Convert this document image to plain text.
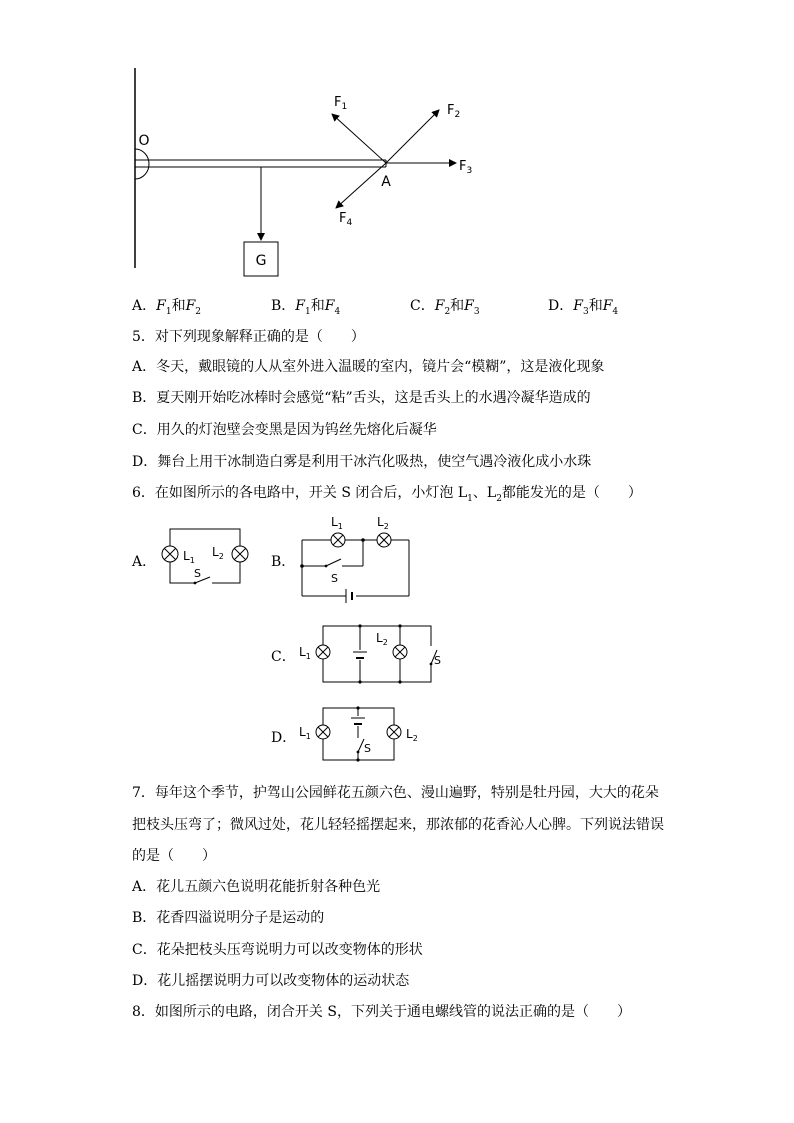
G
O
A
$F_1$	$F_2$
$F_3$
$F_4$
A．$F_1$和$F_2$	B．$F_1$和$F_4$	C．$F_2$和$F_3$	D．$F_3$和$F_4$
5．对下列现象解释正确的是（　　）
A．冬天，戴眼镜的人从室外进入温暖的室内，镜片会“模糊”，这是液化现象
B．夏天刚开始吃冰棒时会感觉“粘”舌头，这是舌头上的水遇冷凝华造成的
C．用久的灯泡壁会变黑是因为钨丝先熔化后凝华
D．舞台上用干冰制造白雾是利用干冰汽化吸热，使空气遇冷液化成小水珠
6．在如图所示的各电路中，开关 S 闭合后，小灯泡 $L_1$、$L_2$都能发光的是（　　）
A． $L_1$
$L_2$
S
B．
$L_1$	$L_2$
S
C． $L_1$
$L_2$
S
D． $L_1$	$L_2$
S
7．每年这个季节，护驾山公园鲜花五颜六色、漫山遍野，特别是牡丹园，大大的花朵
把枝头压弯了；微风过处，花儿轻轻摇摆起来，那浓郁的花香沁人心脾。下列说法错误
的是（　　）
A．花儿五颜六色说明花能折射各种色光
B．花香四溢说明分子是运动的
C．花朵把枝头压弯说明力可以改变物体的形状
D．花儿摇摆说明力可以改变物体的运动状态
8．如图所示的电路，闭合开关 S，下列关于通电螺线管的说法正确的是（　　）
